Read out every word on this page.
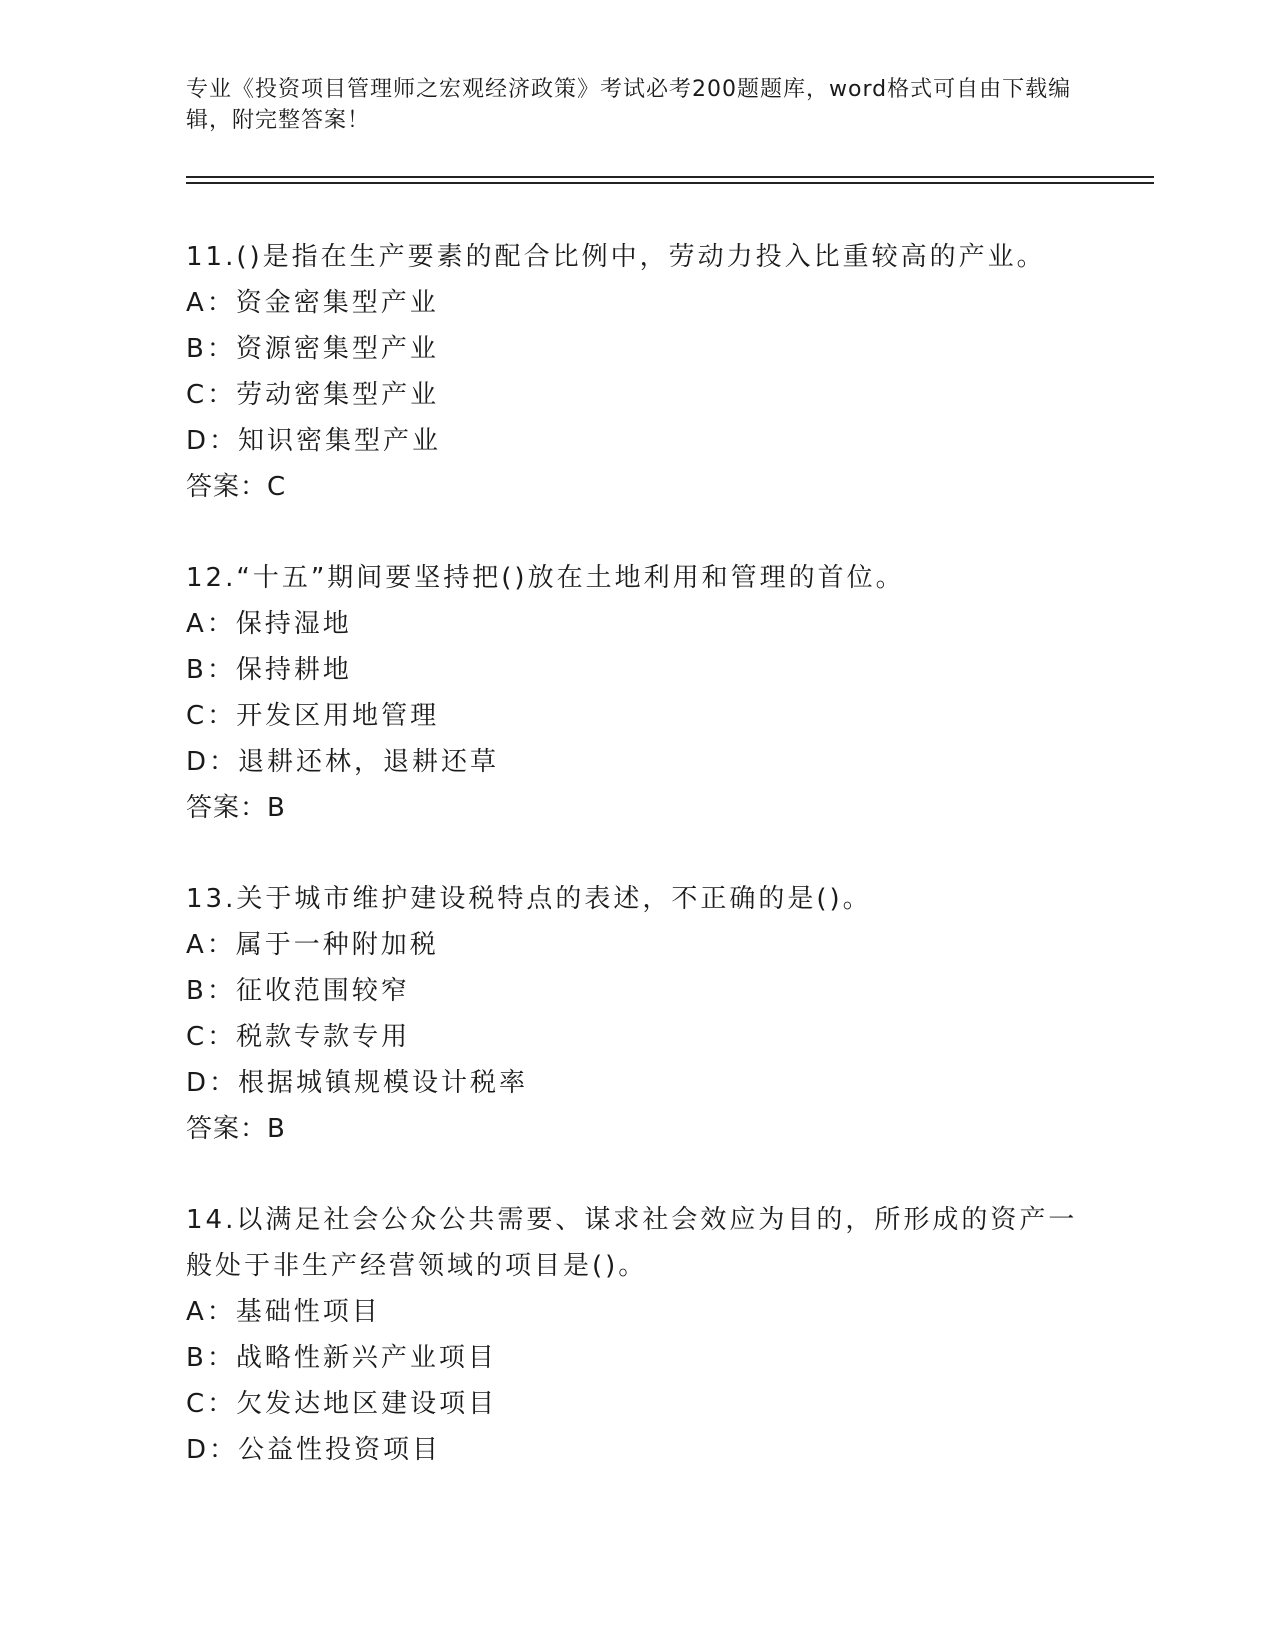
专业《投资项目管理师之宏观经济政策》考试必考200题题库，word格式可自由下载编辑，附完整答案！
11.()是指在生产要素的配合比例中，劳动力投入比重较高的产业。
A：资金密集型产业
B：资源密集型产业
C：劳动密集型产业
D：知识密集型产业
答案：C
12.“十五”期间要坚持把()放在土地利用和管理的首位。
A：保持湿地
B：保持耕地
C：开发区用地管理
D：退耕还林，退耕还草
答案：B
13.关于城市维护建设税特点的表述，不正确的是()。
A：属于一种附加税
B：征收范围较窄
C：税款专款专用
D：根据城镇规模设计税率
答案：B
14.以满足社会公众公共需要、谋求社会效应为目的，所形成的资产一般处于非生产经营领域的项目是()。
A：基础性项目
B：战略性新兴产业项目
C：欠发达地区建设项目
D：公益性投资项目
